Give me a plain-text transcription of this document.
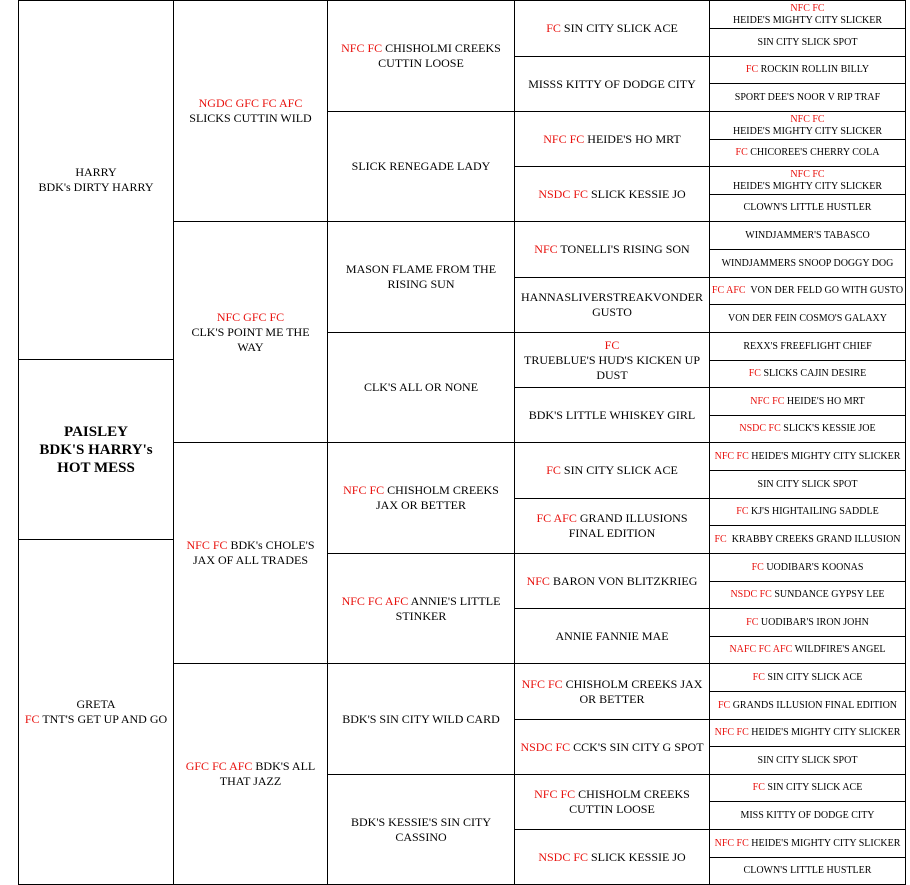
HARRY
BDK's DIRTY HARRY
PAISLEY
BDK'S HARRY's
HOT MESS
GRETA
FC TNT'S GET UP AND GO
NGDC GFC FC AFC
SLICKS CUTTIN WILD
NFC GFC FC
CLK'S POINT ME THE WAY
NFC FC BDK's CHOLE'S JAX OF ALL TRADES
GFC FC AFC BDK'S ALL THAT JAZZ
NFC FC CHISHOLMI CREEKS CUTTIN LOOSE
SLICK RENEGADE LADY
MASON FLAME FROM THE RISING SUN
CLK'S ALL OR NONE
NFC FC CHISHOLM CREEKS JAX OR BETTER
NFC FC AFC ANNIE'S LITTLE STINKER
BDK'S SIN CITY WILD CARD
BDK'S KESSIE'S SIN CITY CASSINO
FC SIN CITY SLICK ACE
MISSS KITTY OF DODGE CITY
NFC FC HEIDE'S HO MRT
NSDC FC SLICK KESSIE JO
NFC TONELLI'S RISING SON
HANNASLIVERSTREAKVONDERGUSTO
FC
TRUEBLUE'S HUD'S KICKEN UP DUST
BDK'S LITTLE WHISKEY GIRL
FC SIN CITY SLICK ACE
FC AFC GRAND ILLUSIONS FINAL EDITION
NFC BARON VON BLITZKRIEG
ANNIE FANNIE MAE
NFC FC CHISHOLM CREEKS JAX OR BETTER
NSDC FC CCK'S SIN CITY G SPOT
NFC FC CHISHOLM CREEKS CUTTIN LOOSE
NSDC FC SLICK KESSIE JO
NFC FC
HEIDE'S MIGHTY CITY SLICKER
SIN CITY SLICK SPOT
FC ROCKIN ROLLIN BILLY
SPORT DEE'S NOOR V RIP TRAF
NFC FC
HEIDE'S MIGHTY CITY SLICKER
FC CHICOREE'S CHERRY COLA
NFC FC
HEIDE'S MIGHTY CITY SLICKER
CLOWN'S LITTLE HUSTLER
WINDJAMMER'S TABASCO
WINDJAMMERS SNOOP DOGGY DOG
FC AFC VON DER FELD GO WITH GUSTO
VON DER FEIN COSMO'S GALAXY
REXX'S FREEFLIGHT CHIEF
FC SLICKS CAJIN DESIRE
NFC FC HEIDE'S HO MRT
NSDC FC SLICK'S KESSIE JOE
NFC FC HEIDE'S MIGHTY CITY SLICKER
SIN CITY SLICK SPOT
FC KJ'S HIGHTAILING SADDLE
FC KRABBY CREEKS GRAND ILLUSION
FC UODIBAR'S KOONAS
NSDC FC SUNDANCE GYPSY LEE
FC UODIBAR'S IRON JOHN
NAFC FC AFC WILDFIRE'S ANGEL
FC SIN CITY SLICK ACE
FC GRANDS ILLUSION FINAL EDITION
NFC FC HEIDE'S MIGHTY CITY SLICKER
SIN CITY SLICK SPOT
FC SIN CITY SLICK ACE
MISS KITTY OF DODGE CITY
NFC FC HEIDE'S MIGHTY CITY SLICKER
CLOWN'S LITTLE HUSTLER
